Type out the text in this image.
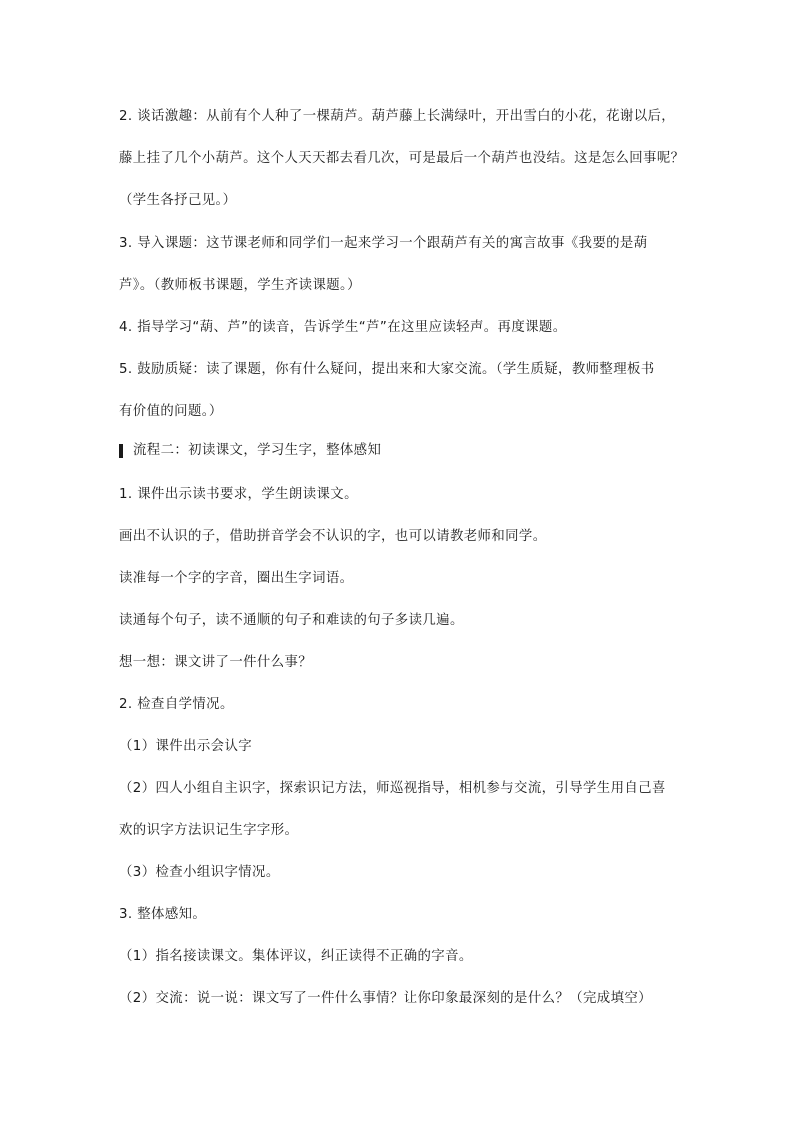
2. 谈话激趣：从前有个人种了一棵葫芦。葫芦藤上长满绿叶，开出雪白的小花，花谢以后，
藤上挂了几个小葫芦。这个人天天都去看几次，可是最后一个葫芦也没结。这是怎么回事呢？
（学生各抒己见。）
3. 导入课题：这节课老师和同学们一起来学习一个跟葫芦有关的寓言故事《我要的是葫
芦》。（教师板书课题，学生齐读课题。）
4. 指导学习“葫、芦”的读音，告诉学生“芦”在这里应读轻声。再度课题。
5. 鼓励质疑：读了课题，你有什么疑问，提出来和大家交流。（学生质疑，教师整理板书
有价值的问题。）
流程二：初读课文，学习生字，整体感知
1. 课件出示读书要求，学生朗读课文。
画出不认识的子，借助拼音学会不认识的字，也可以请教老师和同学。
读准每一个字的字音，圈出生字词语。
读通每个句子，读不通顺的句子和难读的句子多读几遍。
想一想：课文讲了一件什么事？
2. 检查自学情况。
（1）课件出示会认字
（2）四人小组自主识字，探索识记方法，师巡视指导，相机参与交流，引导学生用自己喜
欢的识字方法识记生字字形。
（3）检查小组识字情况。
3. 整体感知。
（1）指名接读课文。集体评议，纠正读得不正确的字音。
（2）交流：说一说：课文写了一件什么事情？让你印象最深刻的是什么？（完成填空）
